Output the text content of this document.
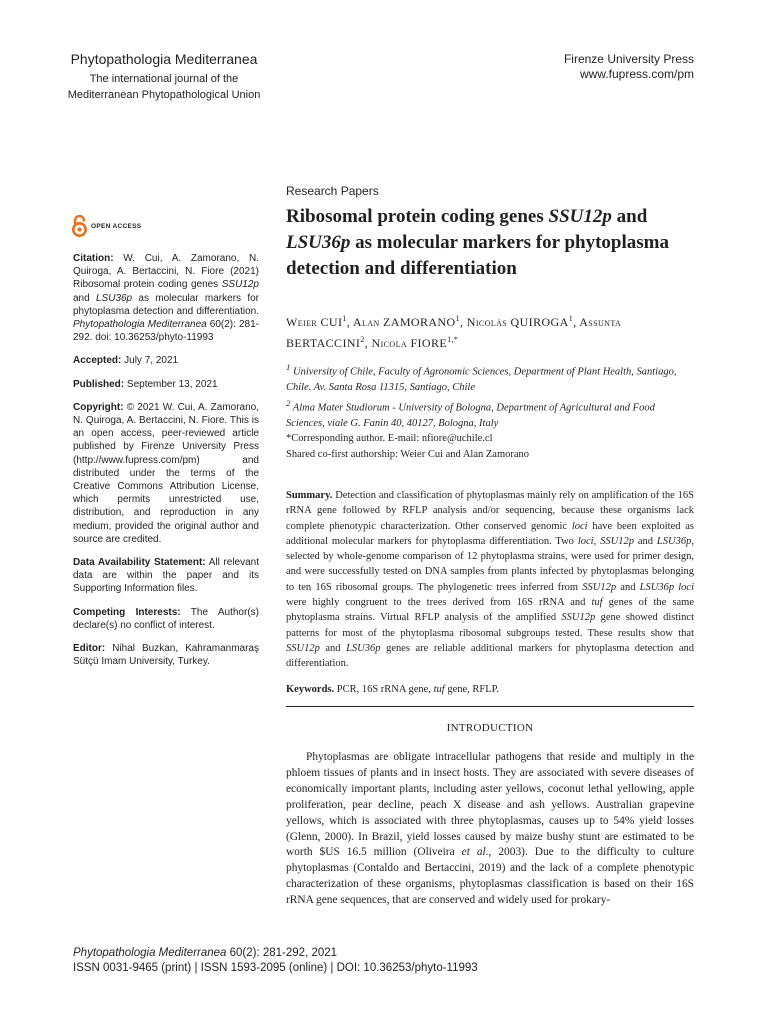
Phytopathologia Mediterranea
The international journal of the
Mediterranean Phytopathological Union
Firenze University Press
www.fupress.com/pm
OPEN ACCESS

Citation: W. Cui, A. Zamorano, N. Quiroga, A. Bertaccini, N. Fiore (2021) Ribosomal protein coding genes SSU12p and LSU36p as molecular markers for phytoplasma detection and differentiation. Phytopathologia Mediterranea 60(2): 281-292. doi: 10.36253/phyto-11993

Accepted: July 7, 2021

Published: September 13, 2021

Copyright: © 2021 W. Cui, A. Zamorano, N. Quiroga, A. Bertaccini, N. Fiore. This is an open access, peer-reviewed article published by Firenze University Press (http://www.fupress.com/pm) and distributed under the terms of the Creative Commons Attribution License, which permits unrestricted use, distribution, and reproduction in any medium, provided the original author and source are credited.

Data Availability Statement: All relevant data are within the paper and its Supporting Information files.

Competing Interests: The Author(s) declare(s) no conflict of interest.

Editor: Nihal Buzkan, Kahramanmaraş Sütçü Imam University, Turkey.

Research Papers
Ribosomal protein coding genes SSU12p and LSU36p as molecular markers for phytoplasma detection and differentiation
Weier CUI$^1$, Alan ZAMORANO$^1$, Nicolás QUIROGA$^1$, Assunta BERTACCINI$^2$, Nicola $FIORE^{1,*}$
$^1$ University of Chile, Faculty of Agronomic Sciences, Department of Plant Health, Santiago, Chile. Av. Santa Rosa 11315, Santiago, Chile
$^2$ Alma Mater Studiorum - University of Bologna, Department of Agricultural and Food Sciences, viale G. Fanin 40, 40127, Bologna, Italy
*Corresponding author. E-mail: nfiore@uchile.cl
Shared co-first authorship: Weier Cui and Alan Zamorano
Summary. Detection and classification of phytoplasmas mainly rely on amplification of the 16S rRNA gene followed by RFLP analysis and/or sequencing, because these organisms lack complete phenotypic characterization. Other conserved genomic loci have been exploited as additional molecular markers for phytoplasma differentiation. Two loci, SSU12p and LSU36p, selected by whole-genome comparison of 12 phytoplasma strains, were used for primer design, and were successfully tested on DNA samples from plants infected by phytoplasmas belonging to ten 16S ribosomal groups. The phylogenetic trees inferred from SSU12p and LSU36p loci were highly congruent to the trees derived from 16S rRNA and tuf genes of the same phytoplasma strains. Virtual RFLP analysis of the amplified SSU12p gene showed distinct patterns for most of the phytoplasma ribosomal subgroups tested. These results show that SSU12p and LSU36p genes are reliable additional markers for phytoplasma detection and differentiation.
Keywords. PCR, 16S rRNA gene, tuf gene, RFLP.
INTRODUCTION

Phytoplasmas are obligate intracellular pathogens that reside and multiply in the phloem tissues of plants and in insect hosts. They are associated with severe diseases of economically important plants, including aster yellows, coconut lethal yellowing, apple proliferation, pear decline, peach X disease and ash yellows. Australian grapevine yellows, which is associated with three phytoplasmas, causes up to 54% yield losses (Glenn, 2000). In Brazil, yield losses caused by maize bushy stunt are estimated to be worth $US 16.5 million (Oliveira et al., 2003). Due to the difficulty to culture phytoplasmas (Contaldo and Bertaccini, 2019) and the lack of a complete phenotypic characterization of these organisms, phytoplasmas classification is based on their 16S rRNA gene sequences, that are conserved and widely used for prokary-

Phytopathologia Mediterranea 60(2): 281-292, 2021
ISSN 0031-9465 (print) | ISSN 1593-2095 (online) | DOI: 10.36253/phyto-11993
